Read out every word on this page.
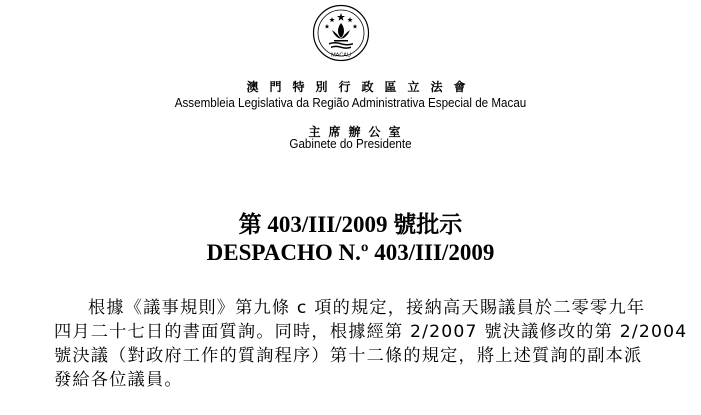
MACAU
澳門特別行政區立法會
Assembleia Legislativa da Região Administrativa Especial de Macau
主席辦公室
Gabinete do Presidente
第 403/III/2009 號批示
DESPACHO N.º 403/III/2009
根據《議事規則》第九條 c 項的規定，接納高天賜議員於二零零九年
四月二十七日的書面質詢。同時，根據經第 2/2007 號決議修改的第 2/2004
號決議（對政府工作的質詢程序）第十二條的規定，將上述質詢的副本派
發給各位議員。
